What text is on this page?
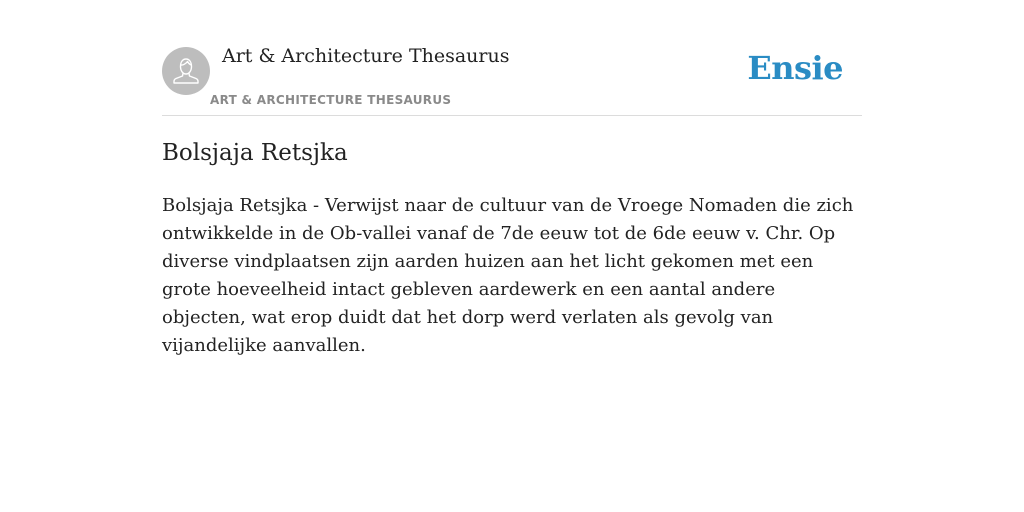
Art & Architecture Thesaurus
ART & ARCHITECTURE THESAURUS
Ensie
Bolsjaja Retsjka

Bolsjaja Retsjka - Verwijst naar de cultuur van de Vroege Nomaden die zich ontwikkelde in de Ob-vallei vanaf de 7de eeuw tot de 6de eeuw v. Chr. Op diverse vindplaatsen zijn aarden huizen aan het licht gekomen met een grote hoeveelheid intact gebleven aardewerk en een aantal andere objecten, wat erop duidt dat het dorp werd verlaten als gevolg van vijandelijke aanvallen.
